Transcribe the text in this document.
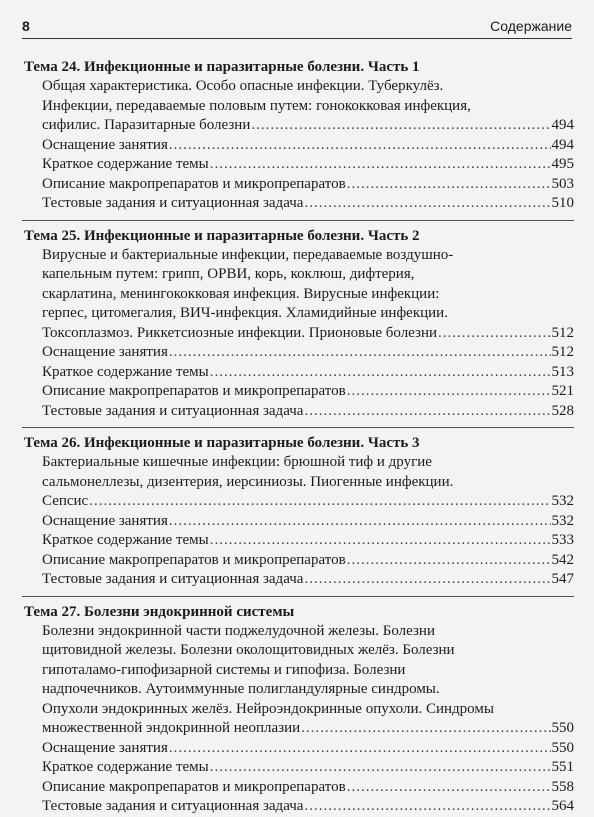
8	Содержание
Тема 24. Инфекционные и паразитарные болезни. Часть 1
Общая характеристика. Особо опасные инфекции. Туберкулёз.
Инфекции, передаваемые половым путем: гонококковая инфекция,
сифилис. Паразитарные болезни .....	494
Оснащение занятия .....	494
Краткое содержание темы .....	495
Описание макропрепаратов и микропрепаратов .....	503
Тестовые задания и ситуационная задача .....	510
Тема 25. Инфекционные и паразитарные болезни. Часть 2
Вирусные и бактериальные инфекции, передаваемые воздушно-
капельным путем: грипп, ОРВИ, корь, коклюш, дифтерия,
скарлатина, менингококковая инфекция. Вирусные инфекции:
герпес, цитомегалия, ВИЧ-инфекция. Хламидийные инфекции.
Токсоплазмоз. Риккетсиозные инфекции. Прионовые болезни .....	512
Оснащение занятия .....	512
Краткое содержание темы .....	513
Описание макропрепаратов и микропрепаратов .....	521
Тестовые задания и ситуационная задача .....	528
Тема 26. Инфекционные и паразитарные болезни. Часть 3
Бактериальные кишечные инфекции: брюшной тиф и другие
сальмонеллезы, дизентерия, иерсиниозы. Пиогенные инфекции.
Сепсис .....	532
Оснащение занятия .....	532
Краткое содержание темы .....	533
Описание макропрепаратов и микропрепаратов .....	542
Тестовые задания и ситуационная задача .....	547
Тема 27. Болезни эндокринной системы
Болезни эндокринной части поджелудочной железы. Болезни
щитовидной железы. Болезни околощитовидных желёз. Болезни
гипоталамо-гипофизарной системы и гипофиза. Болезни
надпочечников. Аутоиммунные полигландулярные синдромы.
Опухоли эндокринных желёз. Нейроэндокринные опухоли. Синдромы
множественной эндокринной неоплазии .....	550
Оснащение занятия .....	550
Краткое содержание темы .....	551
Описание макропрепаратов и микропрепаратов .....	558
Тестовые задания и ситуационная задача .....	564
